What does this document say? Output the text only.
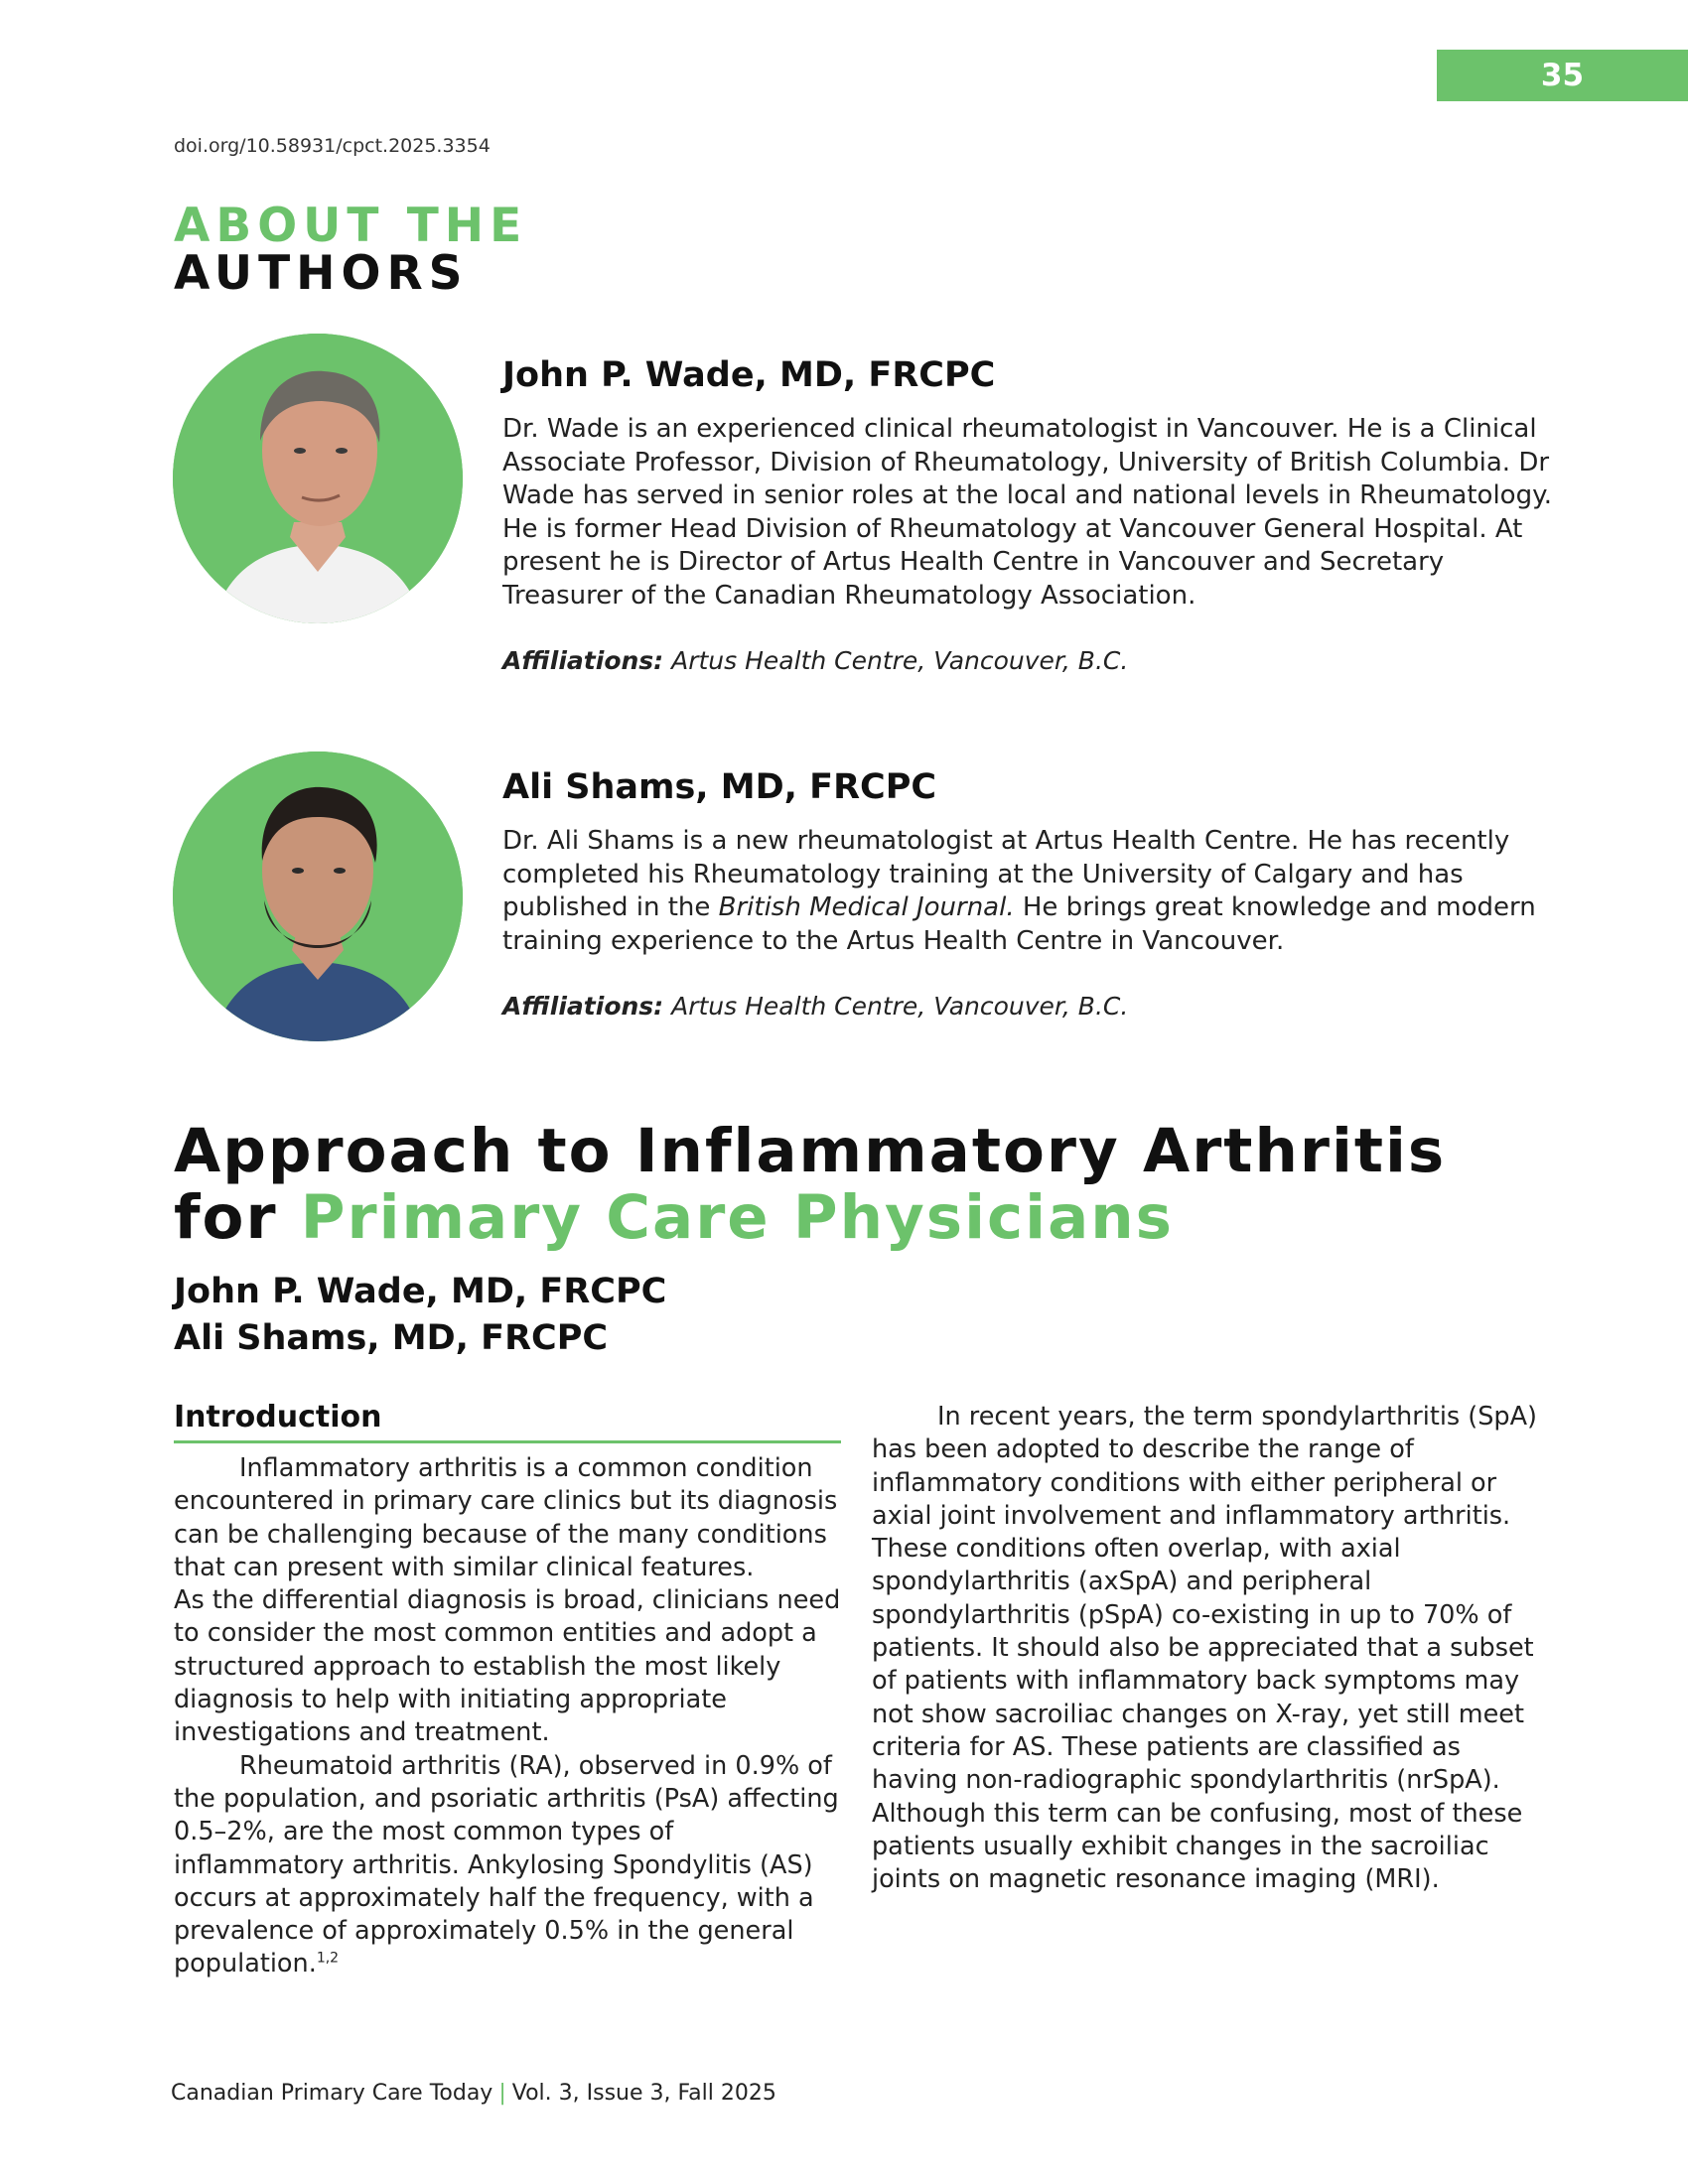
35
doi.org/10.58931/cpct.2025.3354
ABOUT THE
AUTHORS
John P. Wade, MD, FRCPC
Dr. Wade is an experienced clinical rheumatologist in Vancouver. He is a Clinical Associate Professor, Division of Rheumatology, University of British Columbia. Dr Wade has served in senior roles at the local and national levels in Rheumatology. He is former Head Division of Rheumatology at Vancouver General Hospital. At present he is Director of Artus Health Centre in Vancouver and Secretary Treasurer of the Canadian Rheumatology Association.
Affiliations: Artus Health Centre, Vancouver, B.C.
Ali Shams, MD, FRCPC
Dr. Ali Shams is a new rheumatologist at Artus Health Centre. He has recently completed his Rheumatology training at the University of Calgary and has published in the British Medical Journal. He brings great knowledge and modern training experience to the Artus Health Centre in Vancouver.
Affiliations: Artus Health Centre, Vancouver, B.C.
Approach to Inflammatory Arthritis
for Primary Care Physicians
John P. Wade, MD, FRCPC
Ali Shams, MD, FRCPC
Introduction

Inflammatory arthritis is a common condition encountered in primary care clinics but its diagnosis can be challenging because of the many conditions that can present with similar clinical features.

As the differential diagnosis is broad, clinicians need to consider the most common entities and adopt a structured approach to establish the most likely diagnosis to help with initiating appropriate investigations and treatment.

Rheumatoid arthritis (RA), observed in 0.9% of the population, and psoriatic arthritis (PsA) affecting 0.5–2%, are the most common types of inflammatory arthritis. Ankylosing Spondylitis (AS) occurs at approximately half the frequency, with a prevalence of approximately 0.5% in the general population.$^{1,2}$

In recent years, the term spondylarthritis (SpA) has been adopted to describe the range of inflammatory conditions with either peripheral or axial joint involvement and inflammatory arthritis. These conditions often overlap, with axial spondylarthritis (axSpA) and peripheral spondylarthritis (pSpA) co-existing in up to 70% of patients. It should also be appreciated that a subset of patients with inflammatory back symptoms may not show sacroiliac changes on X-ray, yet still meet criteria for AS. These patients are classified as having non-radiographic spondylarthritis (nrSpA). Although this term can be confusing, most of these patients usually exhibit changes in the sacroiliac joints on magnetic resonance imaging (MRI).

Canadian Primary Care Today | Vol. 3, Issue 3, Fall 2025
